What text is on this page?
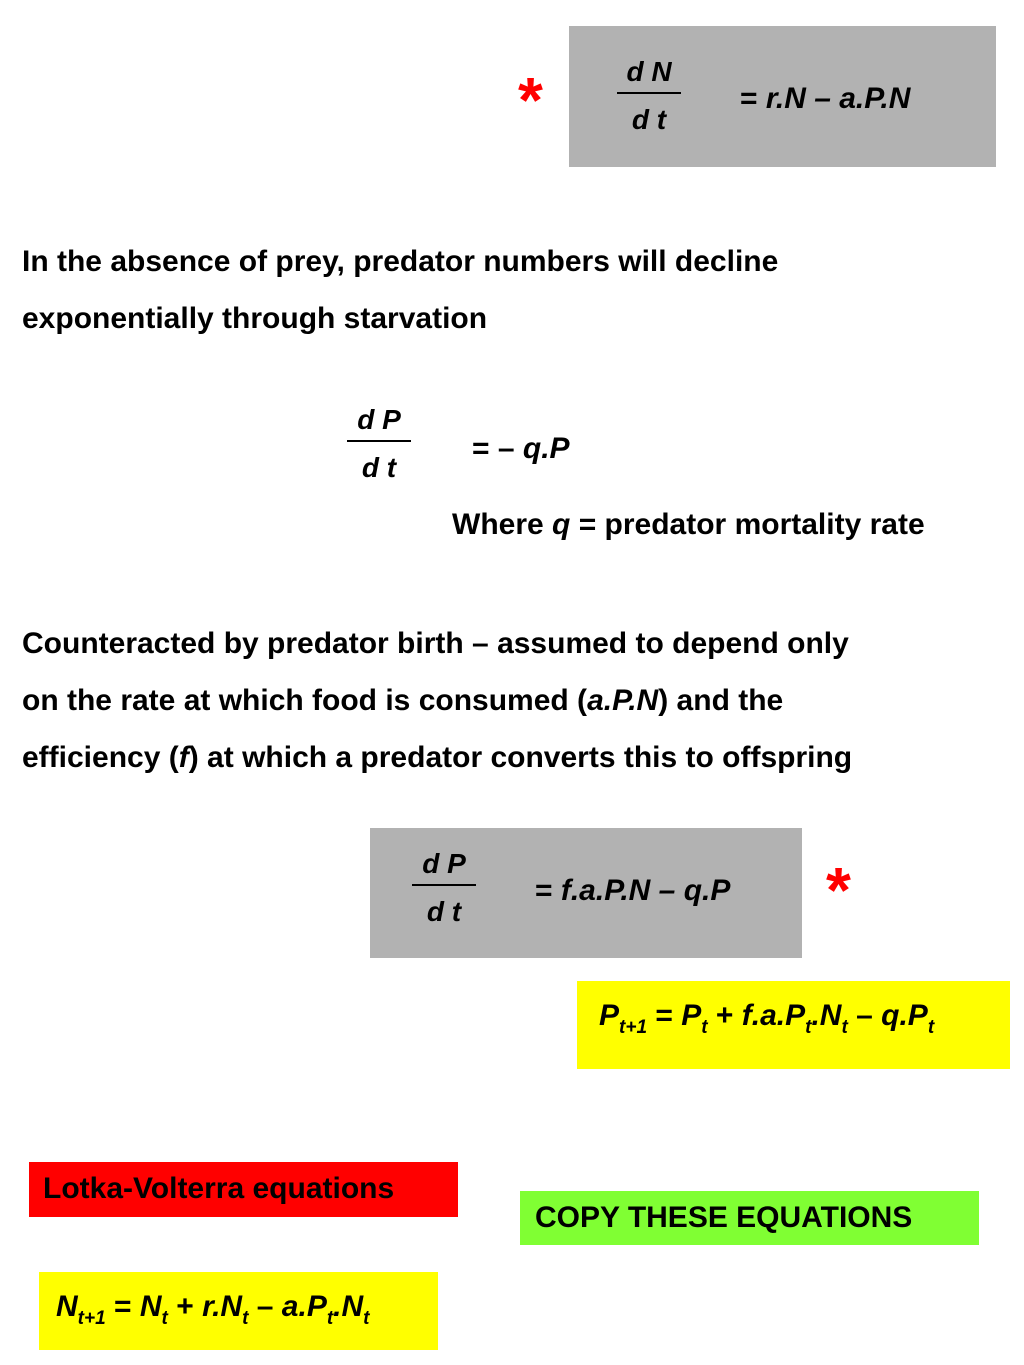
*	d N
d t
= r.N – a.P.N
In the absence of prey, predator numbers will decline
exponentially through starvation
d P
d t
= – q.P
Where q = predator mortality rate
Counteracted by predator birth – assumed to depend only
on the rate at which food is consumed (a.P.N) and the
efficiency (f) at which a predator converts this to offspring
d P
d t
= f.a.P.N – q.P *
$P_{t+1} = P_t + f.a.P_t.N_t - q.P_t$
Lotka-Volterra equations
COPY THESE EQUATIONS
$N_{t+1} = N_t + r.N_t - a.P_t.N_t$
